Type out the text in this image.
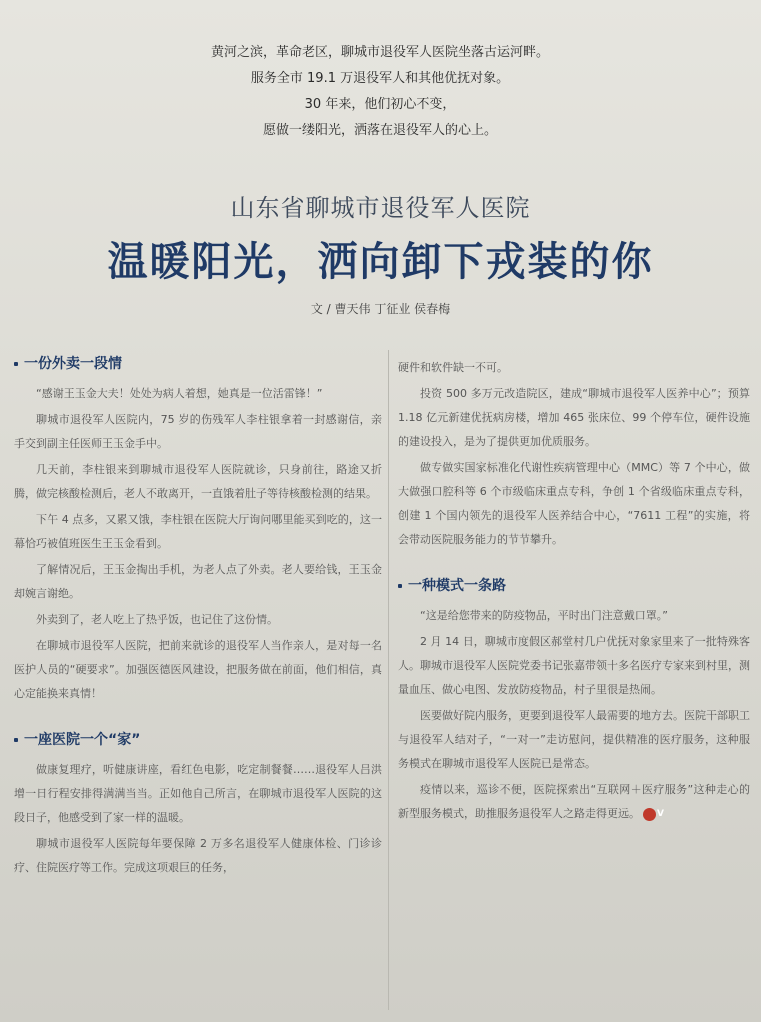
黄河之滨，革命老区，聊城市退役军人医院坐落古运河畔。
服务全市 19.1 万退役军人和其他优抚对象。
30 年来，他们初心不变，
愿做一缕阳光，洒落在退役军人的心上。
山东省聊城市退役军人医院
温暖阳光，洒向卸下戎装的你
文 / 曹天伟 丁征业 侯春梅
一份外卖一段情

“感谢王玉金大夫！处处为病人着想，她真是一位活雷锋！”

聊城市退役军人医院内，75 岁的伤残军人李柱银拿着一封感谢信，亲手交到副主任医师王玉金手中。

几天前，李柱银来到聊城市退役军人医院就诊，只身前往，路途又折腾，做完核酸检测后，老人不敢离开，一直饿着肚子等待核酸检测的结果。

下午 4 点多，又累又饿，李柱银在医院大厅询问哪里能买到吃的，这一幕恰巧被值班医生王玉金看到。

了解情况后，王玉金掏出手机，为老人点了外卖。老人要给钱，王玉金却婉言谢绝。

外卖到了，老人吃上了热乎饭，也记住了这份情。

在聊城市退役军人医院，把前来就诊的退役军人当作亲人，是对每一名医护人员的“硬要求”。加强医德医风建设，把服务做在前面，他们相信，真心定能换来真情！

一座医院一个“家”

做康复理疗，听健康讲座，看红色电影，吃定制餐餐……退役军人吕洪增一日行程安排得满满当当。正如他自己所言，在聊城市退役军人医院的这段日子，他感受到了家一样的温暖。

聊城市退役军人医院每年要保障 2 万多名退役军人健康体检、门诊诊疗、住院医疗等工作。完成这项艰巨的任务，

硬件和软件缺一不可。

投资 500 多万元改造院区，建成“聊城市退役军人医养中心”；预算 1.18 亿元新建优抚病房楼，增加 465 张床位、99 个停车位，硬件设施的建设投入，是为了提供更加优质服务。

做专做实国家标准化代谢性疾病管理中心（MMC）等 7 个中心，做大做强口腔科等 6 个市级临床重点专科，争创 1 个省级临床重点专科，创建 1 个国内领先的退役军人医养结合中心，“7611 工程”的实施，将会带动医院服务能力的节节攀升。

一种模式一条路

“这是给您带来的防疫物品，平时出门注意戴口罩。”

2 月 14 日，聊城市度假区郝堂村几户优抚对象家里来了一批特殊客人。聊城市退役军人医院党委书记张嘉带领十多名医疗专家来到村里，测量血压、做心电图、发放防疫物品，村子里很是热闹。

医要做好院内服务，更要到退役军人最需要的地方去。医院干部职工与退役军人结对子，“一对一”走访慰问，提供精准的医疗服务，这种服务模式在聊城市退役军人医院已是常态。

疫情以来，巡诊不便，医院探索出“互联网＋医疗服务”这种走心的新型服务模式，助推服务退役军人之路走得更远。 V
